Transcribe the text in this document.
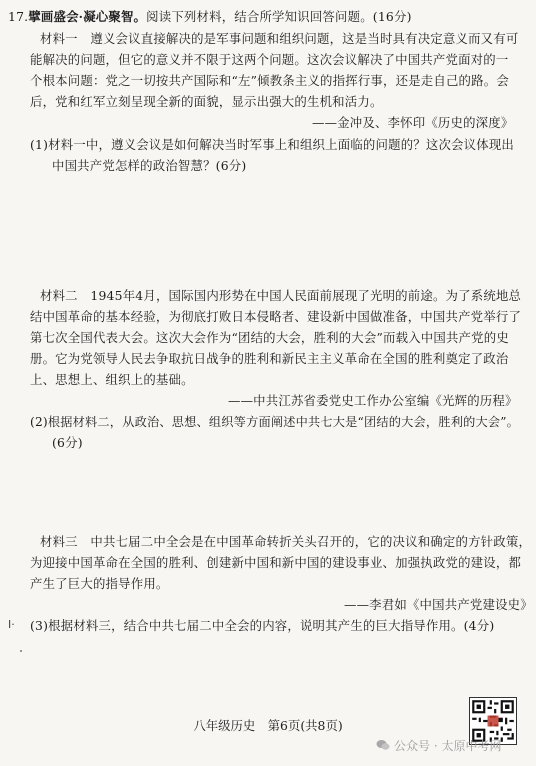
17.擘画盛会·凝心聚智。阅读下列材料，结合所学知识回答问题。(16分)
材料一　遵义会议直接解决的是军事问题和组织问题，这是当时具有决定意义而又有可
能解决的问题，但它的意义并不限于这两个问题。这次会议解决了中国共产党面对的一
个根本问题：党之一切按共产国际和“左”倾教条主义的指挥行事，还是走自己的路。会
后，党和红军立刻呈现全新的面貌，显示出强大的生机和活力。
——金冲及、李怀印《历史的深度》
(1)材料一中，遵义会议是如何解决当时军事上和组织上面临的问题的？这次会议体现出
中国共产党怎样的政治智慧？(6分)
材料二　1945年4月，国际国内形势在中国人民面前展现了光明的前途。为了系统地总
结中国革命的基本经验，为彻底打败日本侵略者、建设新中国做准备，中国共产党举行了
第七次全国代表大会。这次大会作为“团结的大会，胜利的大会”而载入中国共产党的史
册。它为党领导人民去争取抗日战争的胜利和新民主主义革命在全国的胜利奠定了政治
上、思想上、组织上的基础。
——中共江苏省委党史工作办公室编《光辉的历程》
(2)根据材料二，从政治、思想、组织等方面阐述中共七大是“团结的大会，胜利的大会”。
(6分)
材料三　中共七届二中全会是在中国革命转折关头召开的，它的决议和确定的方针政策，
为迎接中国革命在全国的胜利、创建新中国和新中国的建设事业、加强执政党的建设，都
产生了巨大的指导作用。
——李君如《中国共产党建设史》
I· (3)根据材料三，结合中共七届二中全会的内容，说明其产生的巨大指导作用。(4分)
八年级历史　第6页(共8页)
公众号 · 太原中考网
